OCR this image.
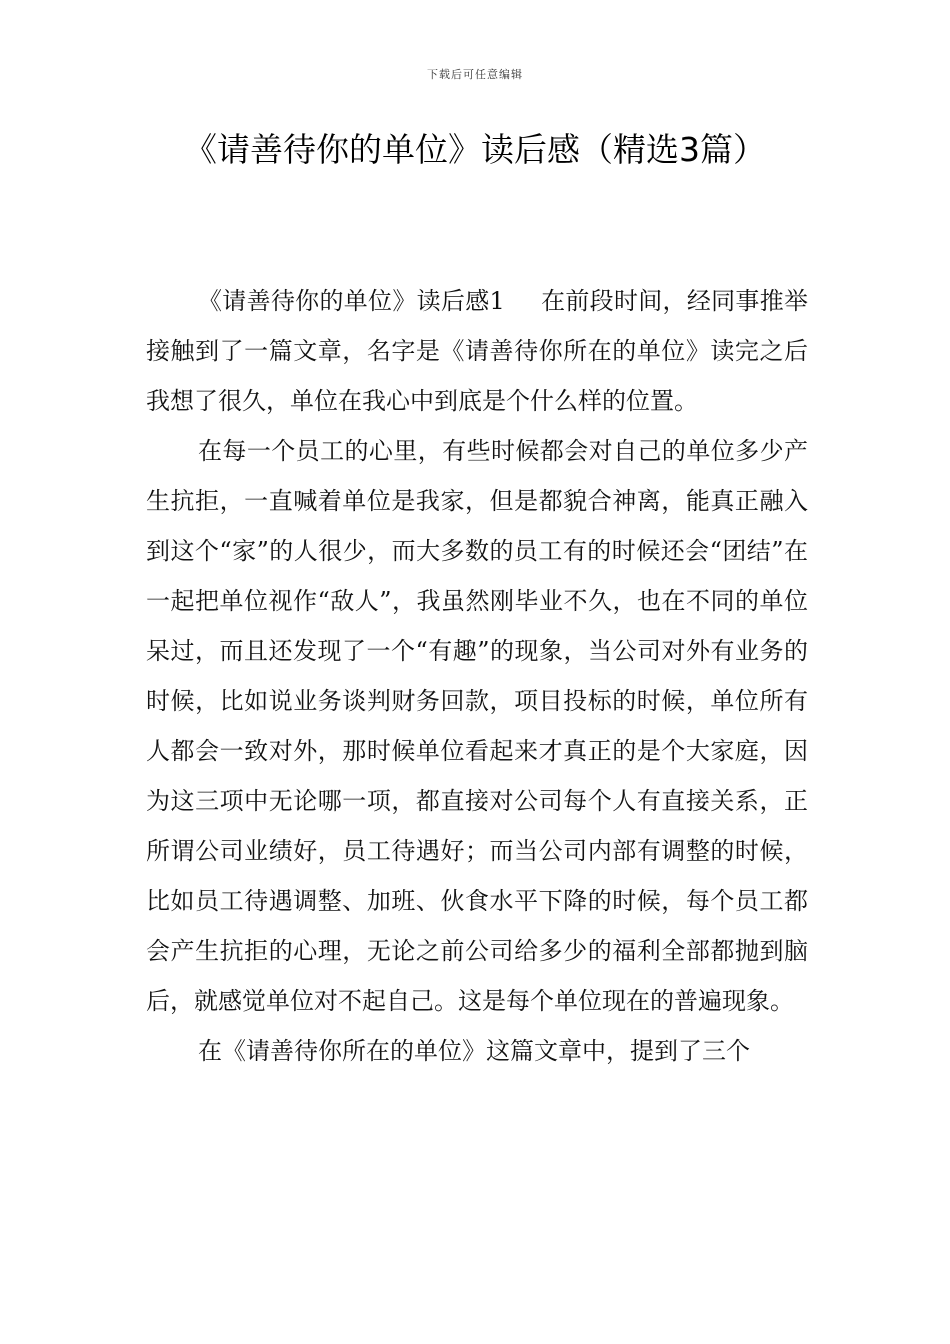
下载后可任意编辑
《请善待你的单位》读后感（精选3篇）

《请善待你的单位》读后感1 在前段时间，经同事推举接触到了一篇文章，名字是《请善待你所在的单位》读完之后我想了很久，单位在我心中到底是个什么样的位置。

在每一个员工的心里，有些时候都会对自己的单位多少产生抗拒，一直喊着单位是我家，但是都貌合神离，能真正融入到这个“家”的人很少，而大多数的员工有的时候还会“团结”在一起把单位视作“敌人”，我虽然刚毕业不久，也在不同的单位呆过，而且还发现了一个“有趣”的现象，当公司对外有业务的时候，比如说业务谈判财务回款，项目投标的时候，单位所有人都会一致对外，那时候单位看起来才真正的是个大家庭，因为这三项中无论哪一项，都直接对公司每个人有直接关系，正所谓公司业绩好，员工待遇好；而当公司内部有调整的时候，比如员工待遇调整、加班、伙食水平下降的时候，每个员工都会产生抗拒的心理，无论之前公司给多少的福利全部都抛到脑后，就感觉单位对不起自己。这是每个单位现在的普遍现象。

在《请善待你所在的单位》这篇文章中，提到了三个
